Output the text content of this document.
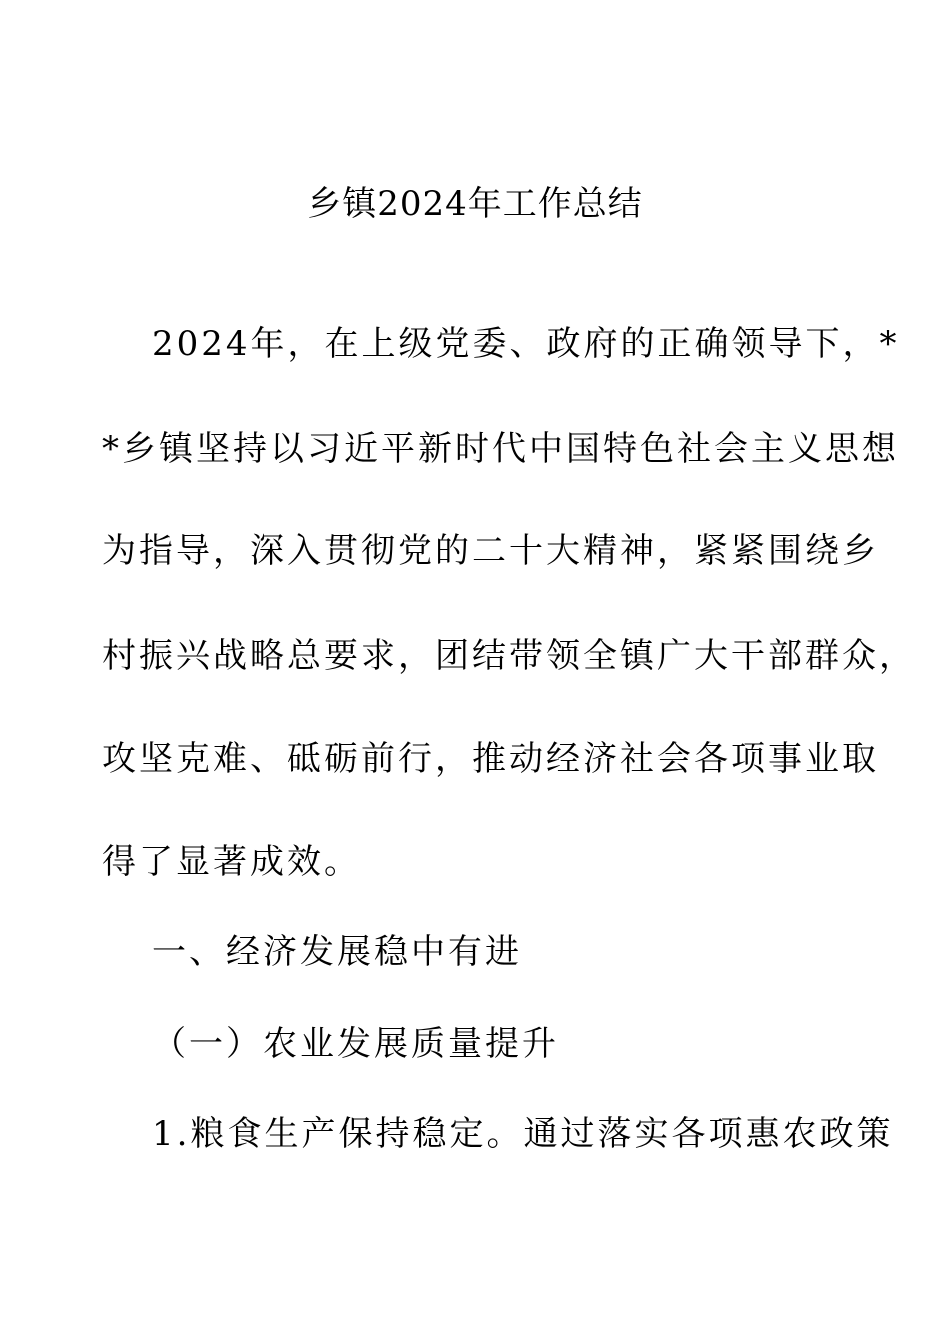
乡镇2024年工作总结
2024年，在上级党委、政府的正确领导下，*
*乡镇坚持以习近平新时代中国特色社会主义思想
为指导，深入贯彻党的二十大精神，紧紧围绕乡
村振兴战略总要求，团结带领全镇广大干部群众，
攻坚克难、砥砺前行，推动经济社会各项事业取
得了显著成效。
一、经济发展稳中有进
（一）农业发展质量提升
1.粮食生产保持稳定。通过落实各项惠农政策
